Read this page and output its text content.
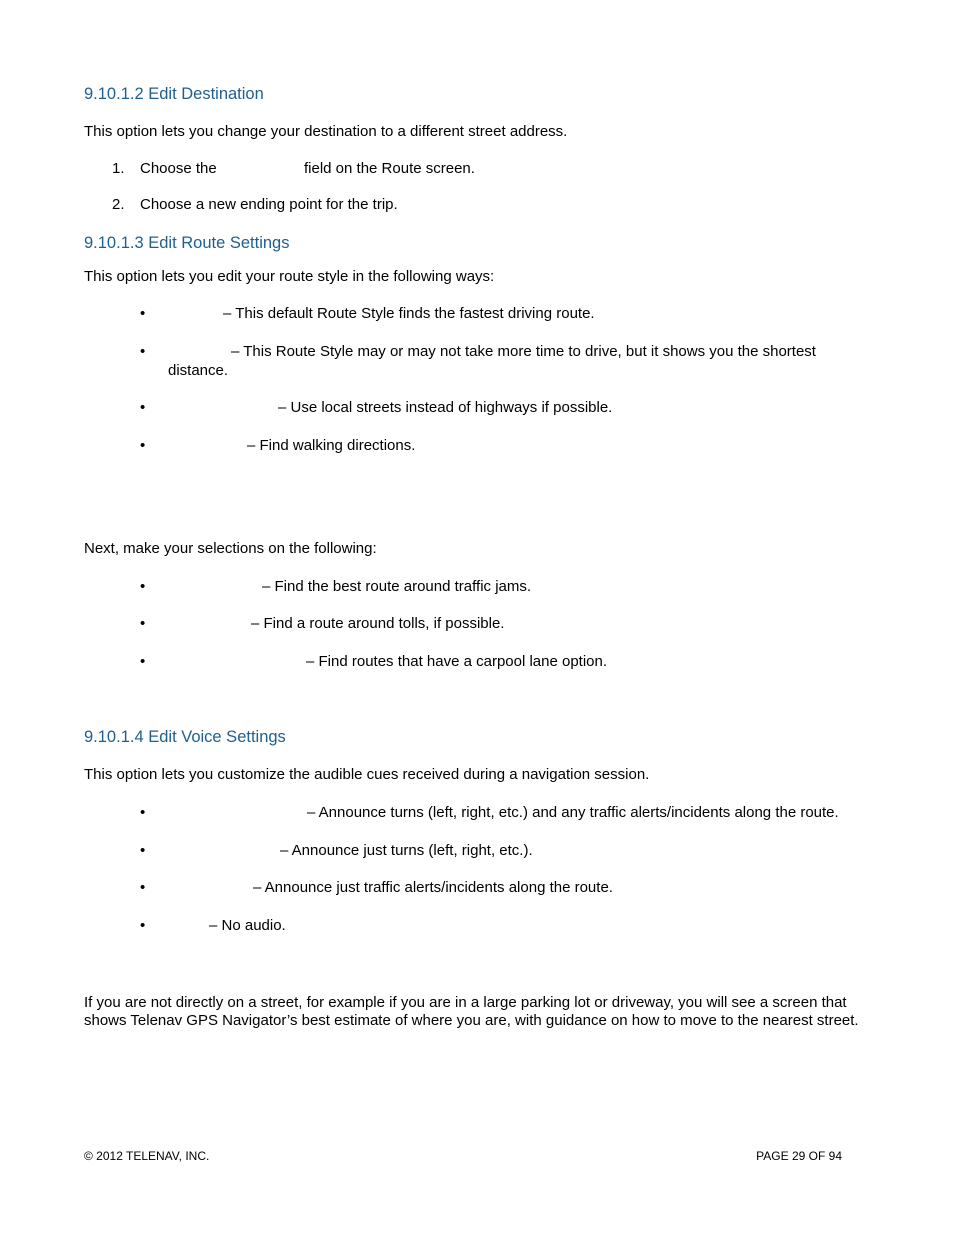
9.10.1.2 Edit Destination
This option lets you change your destination to a different street address.
1. Choose the	field on the Route screen.
2. Choose a new ending point for the trip.
9.10.1.3 Edit Route Settings
This option lets you edit your route style in the following ways:
•	– This default Route Style finds the fastest driving route.
•	– This Route Style may or may not take more time to drive, but it shows you the shortest
distance.
•	– Use local streets instead of highways if possible.
•	– Find walking directions.
Next, make your selections on the following:
•	– Find the best route around traffic jams.
•	– Find a route around tolls, if possible.
•	– Find routes that have a carpool lane option.
9.10.1.4 Edit Voice Settings
This option lets you customize the audible cues received during a navigation session.
•	– Announce turns (left, right, etc.) and any traffic alerts/incidents along the route.
•	– Announce just turns (left, right, etc.).
•	– Announce just traffic alerts/incidents along the route.
•	– No audio.
If you are not directly on a street, for example if you are in a large parking lot or driveway, you will see a screen that
shows Telenav GPS Navigator’s best estimate of where you are, with guidance on how to move to the nearest street.
© 2012 TELENAV, INC.	PAGE 29 OF 94
